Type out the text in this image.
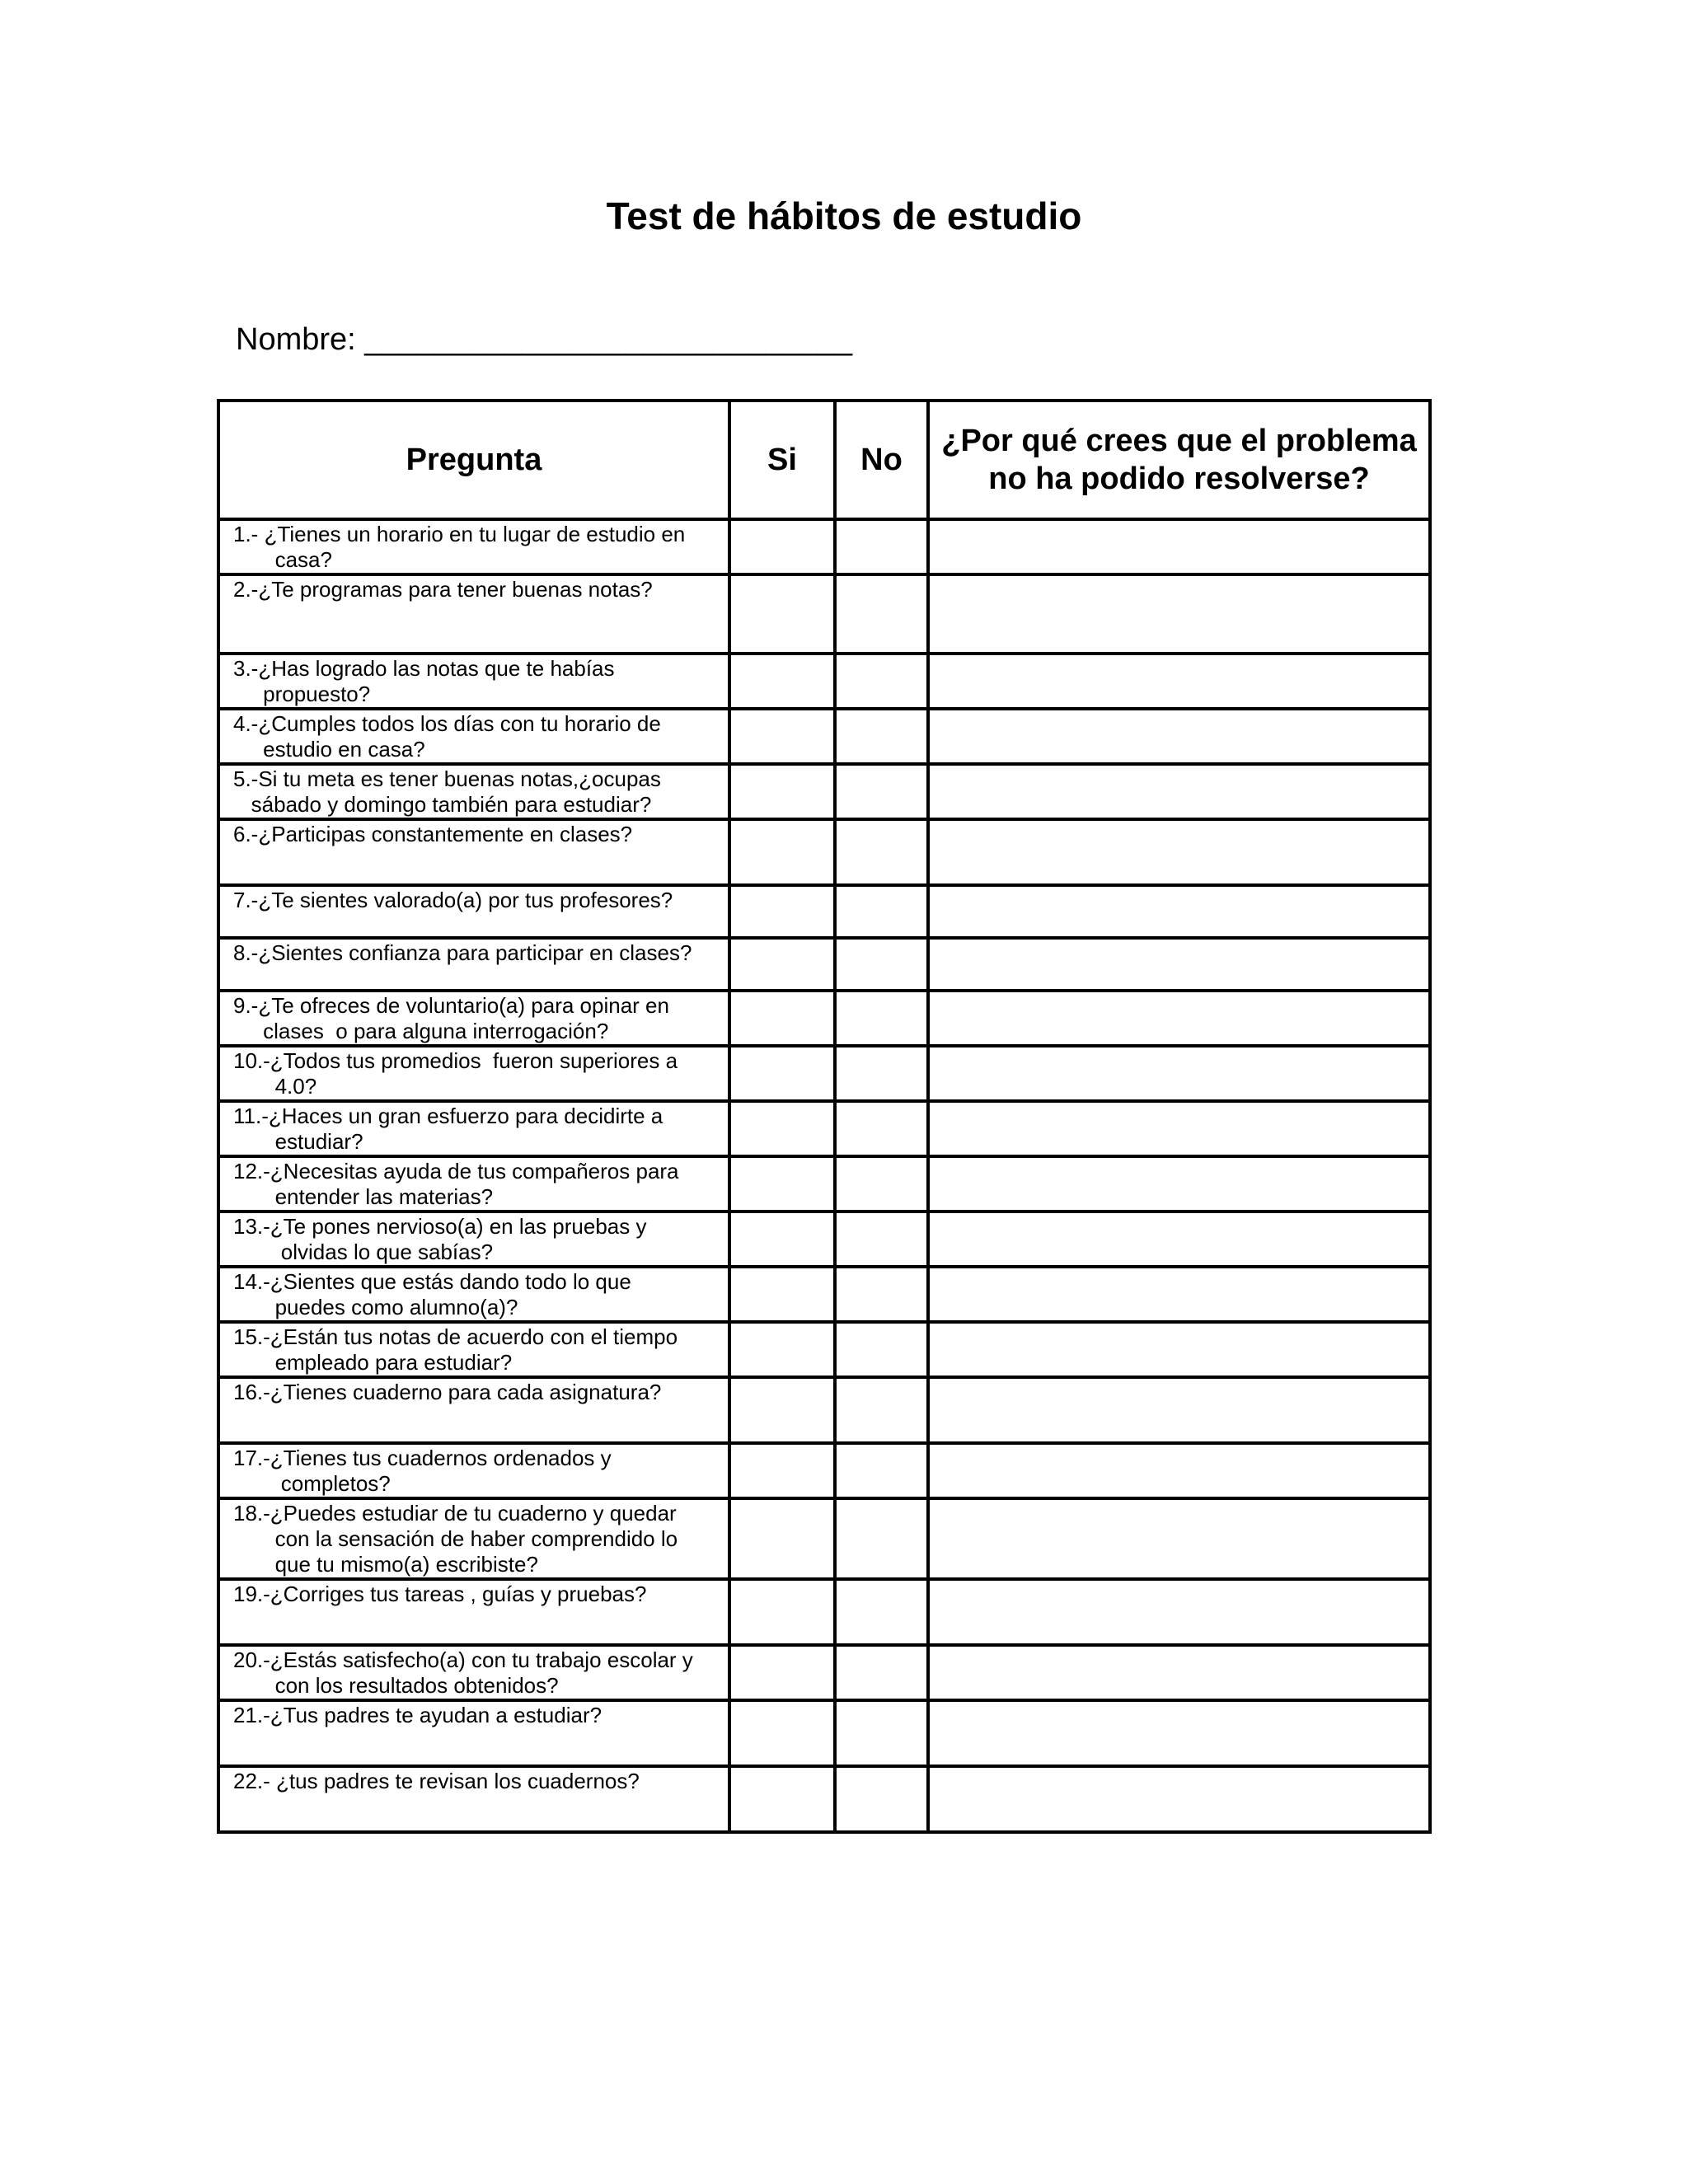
Test de hábitos de estudio
Nombre: ____________________________
Pregunta	Si	No	¿Por qué crees que el problema no ha podido resolverse?
1.- ¿Tienes un horario en tu lugar de estudio en
casa?			
2.-¿Te programas para tener buenas notas?			
3.-¿Has logrado las notas que te habías
propuesto?			
4.-¿Cumples todos los días con tu horario de
estudio en casa?			
5.-Si tu meta es tener buenas notas,¿ocupas
sábado y domingo también para estudiar?			
6.-¿Participas constantemente en clases?			
7.-¿Te sientes valorado(a) por tus profesores?			
8.-¿Sientes confianza para participar en clases?			
9.-¿Te ofreces de voluntario(a) para opinar en
clases  o para alguna interrogación?			
10.-¿Todos tus promedios  fueron superiores a
4.0?			
11.-¿Haces un gran esfuerzo para decidirte a
estudiar?			
12.-¿Necesitas ayuda de tus compañeros para
entender las materias?			
13.-¿Te pones nervioso(a) en las pruebas y
olvidas lo que sabías?			
14.-¿Sientes que estás dando todo lo que
puedes como alumno(a)?			
15.-¿Están tus notas de acuerdo con el tiempo
empleado para estudiar?			
16.-¿Tienes cuaderno para cada asignatura?			
17.-¿Tienes tus cuadernos ordenados y
completos?			
18.-¿Puedes estudiar de tu cuaderno y quedar
con la sensación de haber comprendido lo
que tu mismo(a) escribiste?			
19.-¿Corriges tus tareas , guías y pruebas?			
20.-¿Estás satisfecho(a) con tu trabajo escolar y
con los resultados obtenidos?			
21.-¿Tus padres te ayudan a estudiar?			
22.- ¿tus padres te revisan los cuadernos?			
